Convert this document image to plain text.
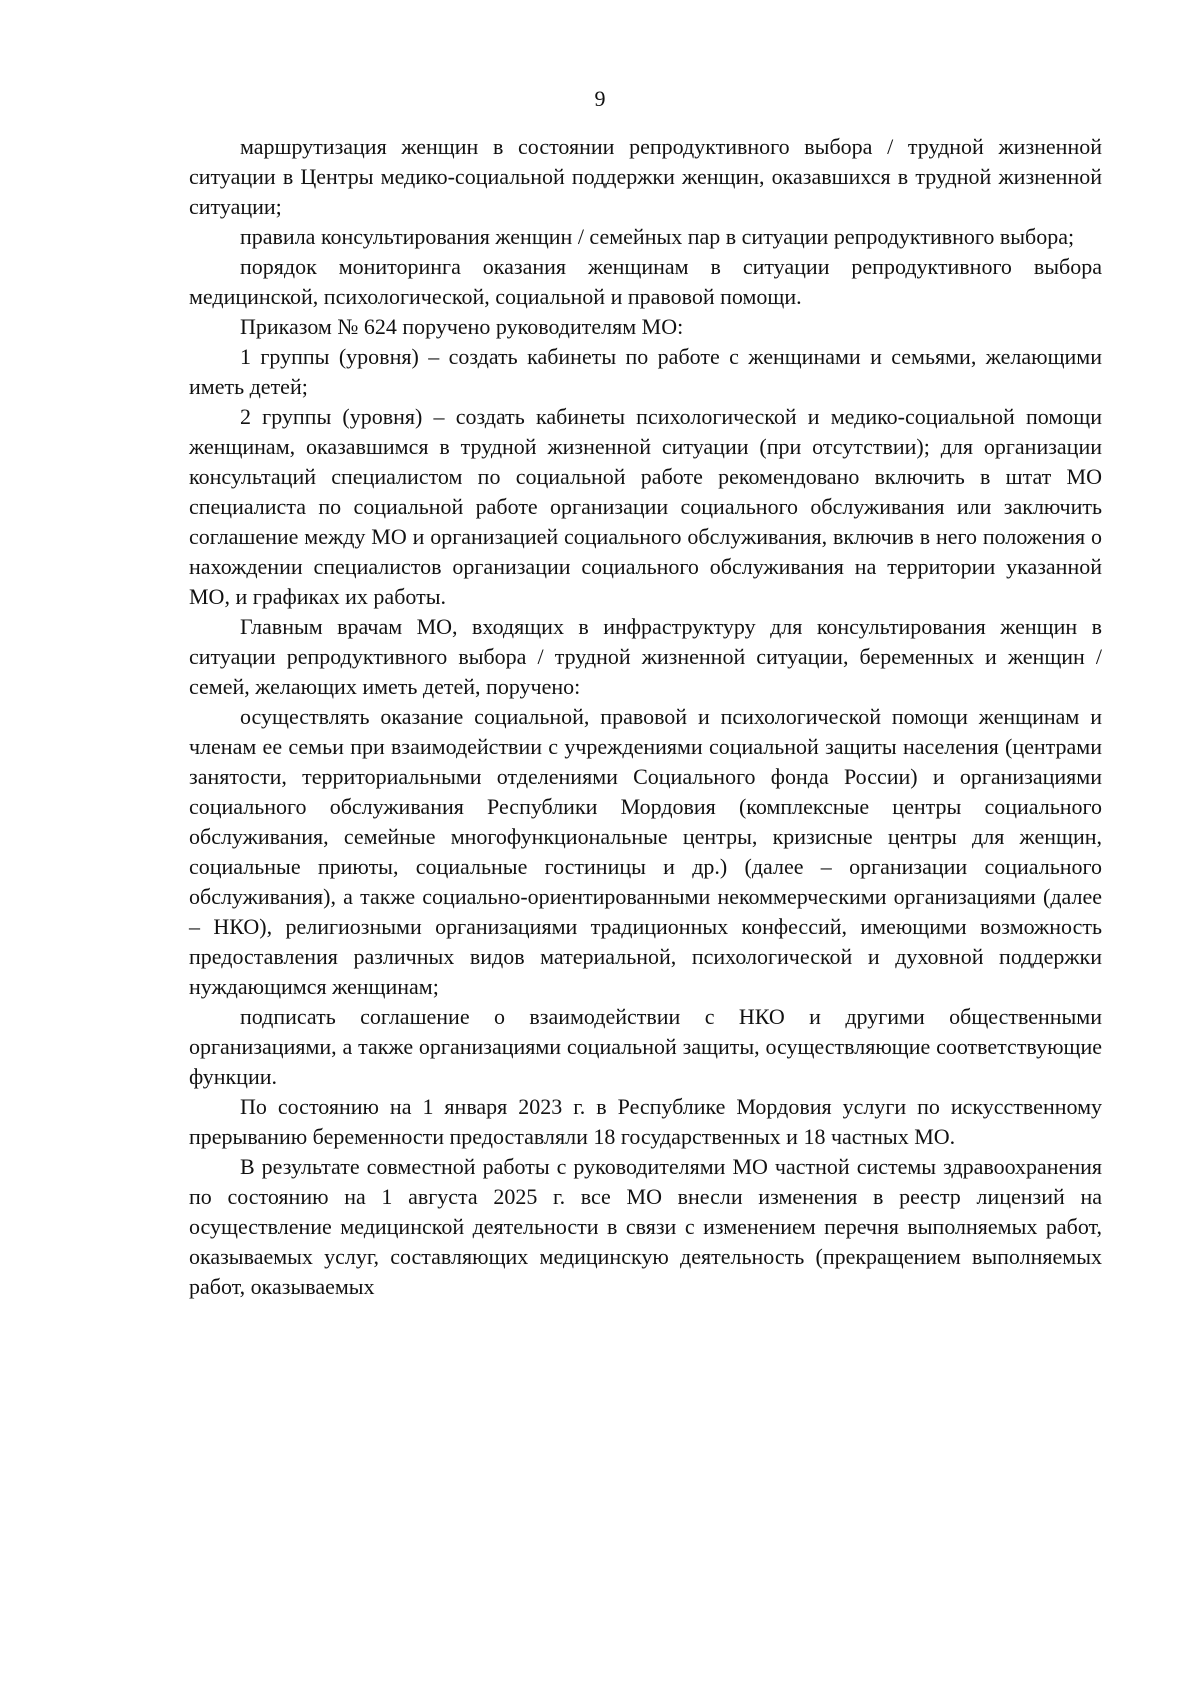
9

маршрутизация женщин в состоянии репродуктивного выбора / трудной жизненной ситуации в Центры медико-социальной поддержки женщин, оказавшихся в трудной жизненной ситуации;

правила консультирования женщин / семейных пар в ситуации репродуктивного выбора;

порядок мониторинга оказания женщинам в ситуации репродуктивного выбора медицинской, психологической, социальной и правовой помощи.

Приказом № 624 поручено руководителям МО:

1 группы (уровня) – создать кабинеты по работе с женщинами и семьями, желающими иметь детей;

2 группы (уровня) – создать кабинеты психологической и медико-социальной помощи женщинам, оказавшимся в трудной жизненной ситуации (при отсутствии); для организации консультаций специалистом по социальной работе рекомендовано включить в штат МО специалиста по социальной работе организации социального обслуживания или заключить соглашение между МО и организацией социального обслуживания, включив в него положения о нахождении специалистов организации социального обслуживания на территории указанной МО, и графиках их работы.

Главным врачам МО, входящих в инфраструктуру для консультирования женщин в ситуации репродуктивного выбора / трудной жизненной ситуации, беременных и женщин / семей, желающих иметь детей, поручено:

осуществлять оказание социальной, правовой и психологической помощи женщинам и членам ее семьи при взаимодействии с учреждениями социальной защиты населения (центрами занятости, территориальными отделениями Социального фонда России) и организациями социального обслуживания Республики Мордовия (комплексные центры социального обслуживания, семейные многофункциональные центры, кризисные центры для женщин, социальные приюты, социальные гостиницы и др.) (далее – организации социального обслуживания), а также социально-ориентированными некоммерческими организациями (далее – НКО), религиозными организациями традиционных конфессий, имеющими возможность предоставления различных видов материальной, психологической и духовной поддержки нуждающимся женщинам;

подписать соглашение о взаимодействии с НКО и другими общественными организациями, а также организациями социальной защиты, осуществляющие соответствующие функции.

По состоянию на 1 января 2023 г. в Республике Мордовия услуги по искусственному прерыванию беременности предоставляли 18 государственных и 18 частных МО.

В результате совместной работы с руководителями МО частной системы здравоохранения по состоянию на 1 августа 2025 г. все МО внесли изменения в реестр лицензий на осуществление медицинской деятельности в связи с изменением перечня выполняемых работ, оказываемых услуг, составляющих медицинскую деятельность (прекращением выполняемых работ, оказываемых
